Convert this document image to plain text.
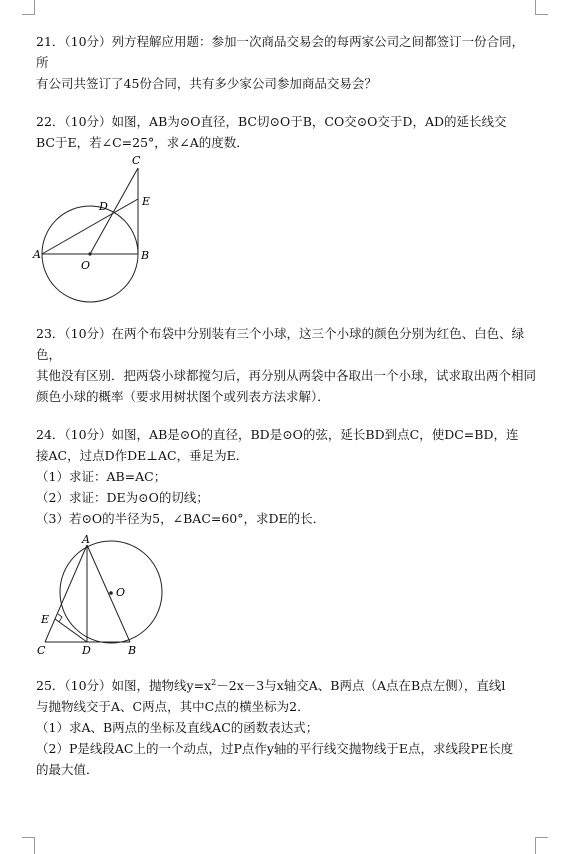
21．（10分）列方程解应用题：参加一次商品交易会的每两家公司之间都签订一份合同，所

有公司共签订了45份合同，共有多少家公司参加商品交易会？

22．（10分）如图，AB为⊙O直径，BC切⊙O于B，CO交⊙O交于D，AD的延长线交

BC于E，若∠C=25°，求∠A的度数．

C
D	E
A
O
B

23．（10分）在两个布袋中分别装有三个小球，这三个小球的颜色分别为红色、白色、绿色，

其他没有区别．把两袋小球都搅匀后，再分别从两袋中各取出一个小球，试求取出两个相同

颜色小球的概率（要求用树状图个或列表方法求解）．

24．（10分）如图，AB是⊙O的直径，BD是⊙O的弦，延长BD到点C，使DC=BD，连

接AC，过点D作DE⊥AC，垂足为E．

（1）求证：AB=AC；

（2）求证：DE为⊙O的切线；

（3）若⊙O的半径为5，∠BAC=60°，求DE的长．

A
O
E
C	D	B

25．（10分）如图，抛物线$y=x^2-2x-3$与x轴交A、B两点（A点在B点左侧），直线l

与抛物线交于A、C两点，其中C点的横坐标为2．

（1）求A、B两点的坐标及直线AC的函数表达式；

（2）P是线段AC上的一个动点，过P点作y轴的平行线交抛物线于E点，求线段PE长度

的最大值．
